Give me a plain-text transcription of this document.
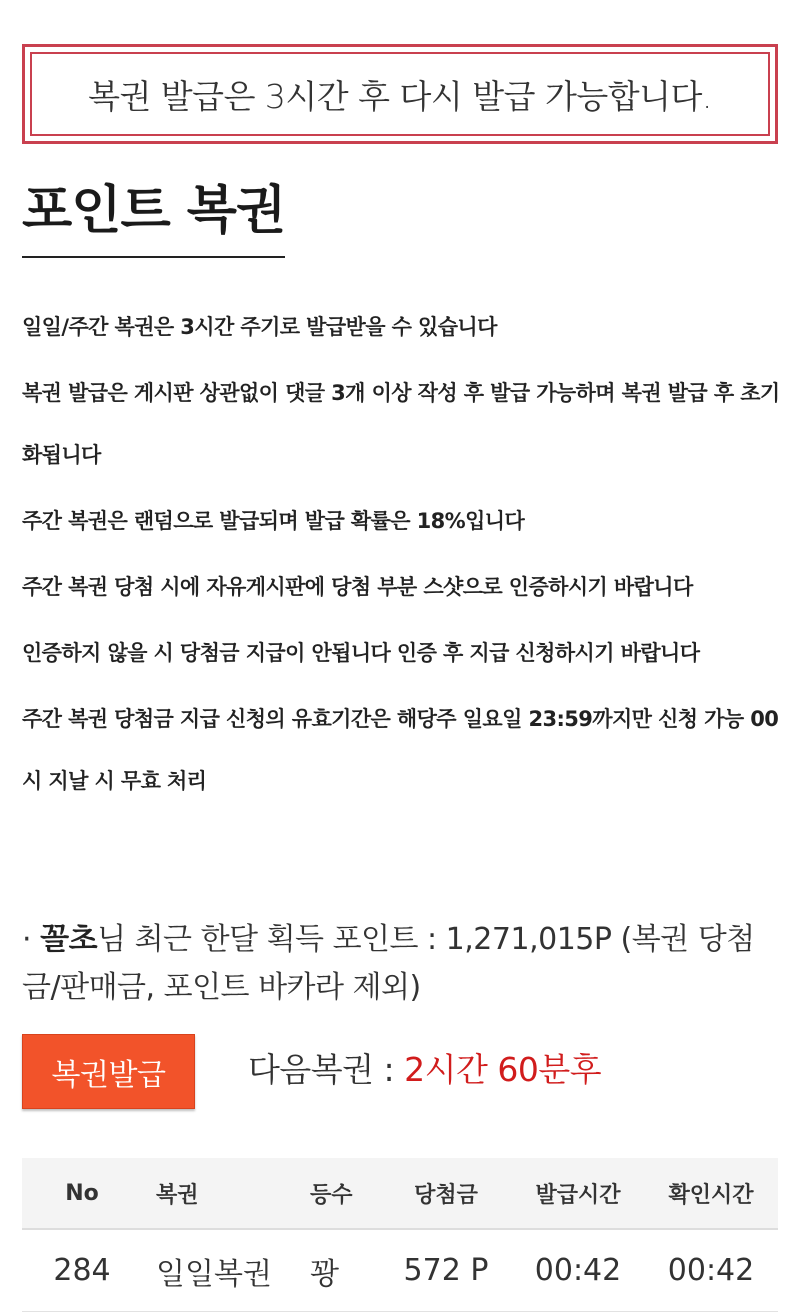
복권 발급은 3시간 후 다시 발급 가능합니다.
포인트 복권

일일/주간 복권은 3시간 주기로 발급받을 수 있습니다

복권 발급은 게시판 상관없이 댓글 3개 이상 작성 후 발급 가능하며 복권 발급 후 초기화됩니다

주간 복권은 랜덤으로 발급되며 발급 확률은 18%입니다

주간 복권 당첨 시에 자유게시판에 당첨 부분 스샷으로 인증하시기 바랍니다

인증하지 않을 시 당첨금 지급이 안됩니다 인증 후 지급 신청하시기 바랍니다

주간 복권 당첨금 지급 신청의 유효기간은 해당주 일요일 23:59까지만 신청 가능 00시 지날 시 무효 처리

· 꼴초님 최근 한달 획득 포인트 : 1,271,015P (복권 당첨금/판매금, 포인트 바카라 제외)
복권발급	다음복권 : 2시간 60분후
No	복권	등수	당첨금	발급시간	확인시간
284	일일복권	꽝	572 P	00:42	00:42
